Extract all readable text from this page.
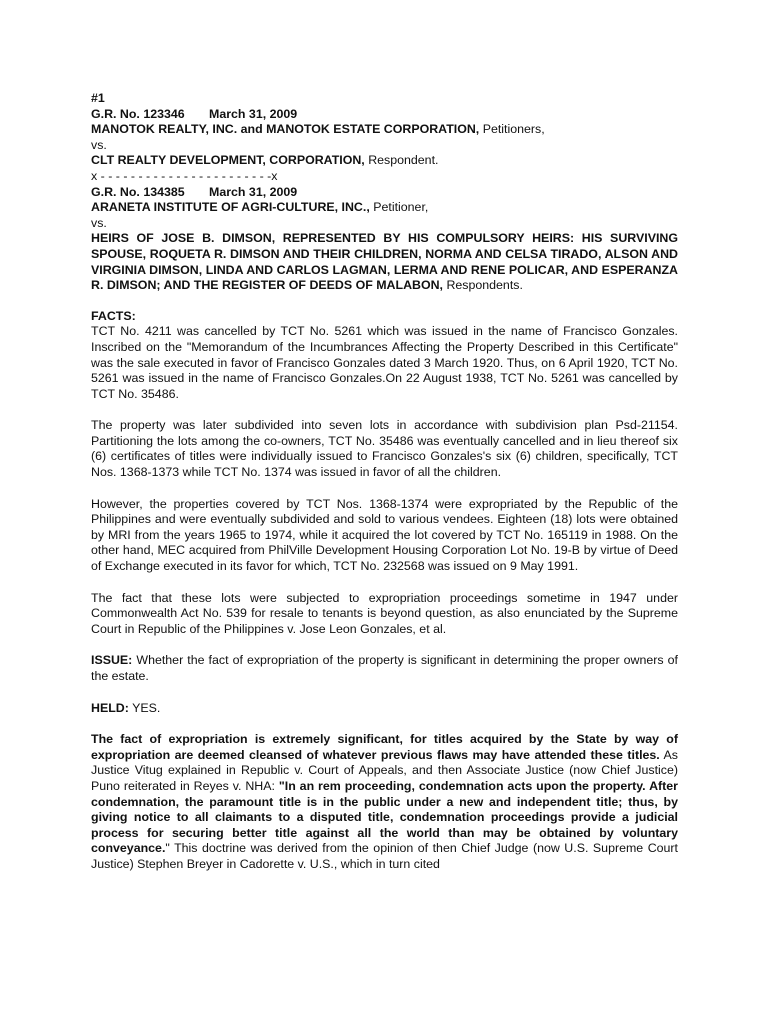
#1

G.R. No. 123346 March 31, 2009

MANOTOK REALTY, INC. and MANOTOK ESTATE CORPORATION, Petitioners,

vs.

CLT REALTY DEVELOPMENT, CORPORATION, Respondent.

x - - - - - - - - - - - - - - - - - - - - - - -x

G.R. No. 134385 March 31, 2009

ARANETA INSTITUTE OF AGRI-CULTURE, INC., Petitioner,

vs.

HEIRS OF JOSE B. DIMSON, REPRESENTED BY HIS COMPULSORY HEIRS: HIS SURVIVING SPOUSE, ROQUETA R. DIMSON AND THEIR CHILDREN, NORMA AND CELSA TIRADO, ALSON AND VIRGINIA DIMSON, LINDA AND CARLOS LAGMAN, LERMA AND RENE POLICAR, AND ESPERANZA R. DIMSON; AND THE REGISTER OF DEEDS OF MALABON, Respondents.

FACTS:

TCT No. 4211 was cancelled by TCT No. 5261 which was issued in the name of Francisco Gonzales. Inscribed on the "Memorandum of the Incumbrances Affecting the Property Described in this Certificate" was the sale executed in favor of Francisco Gonzales dated 3 March 1920. Thus, on 6 April 1920, TCT No. 5261 was issued in the name of Francisco Gonzales.On 22 August 1938, TCT No. 5261 was cancelled by TCT No. 35486.

The property was later subdivided into seven lots in accordance with subdivision plan Psd-21154. Partitioning the lots among the co-owners, TCT No. 35486 was eventually cancelled and in lieu thereof six (6) certificates of titles were individually issued to Francisco Gonzales's six (6) children, specifically, TCT Nos. 1368-1373 while TCT No. 1374 was issued in favor of all the children.

However, the properties covered by TCT Nos. 1368-1374 were expropriated by the Republic of the Philippines and were eventually subdivided and sold to various vendees. Eighteen (18) lots were obtained by MRI from the years 1965 to 1974, while it acquired the lot covered by TCT No. 165119 in 1988. On the other hand, MEC acquired from PhilVille Development Housing Corporation Lot No. 19-B by virtue of Deed of Exchange executed in its favor for which, TCT No. 232568 was issued on 9 May 1991.

The fact that these lots were subjected to expropriation proceedings sometime in 1947 under Commonwealth Act No. 539 for resale to tenants is beyond question, as also enunciated by the Supreme Court in Republic of the Philippines v. Jose Leon Gonzales, et al.

ISSUE: Whether the fact of expropriation of the property is significant in determining the proper owners of the estate.

HELD: YES.

The fact of expropriation is extremely significant, for titles acquired by the State by way of expropriation are deemed cleansed of whatever previous flaws may have attended these titles. As Justice Vitug explained in Republic v. Court of Appeals, and then Associate Justice (now Chief Justice) Puno reiterated in Reyes v. NHA: "In an rem proceeding, condemnation acts upon the property. After condemnation, the paramount title is in the public under a new and independent title; thus, by giving notice to all claimants to a disputed title, condemnation proceedings provide a judicial process for securing better title against all the world than may be obtained by voluntary conveyance." This doctrine was derived from the opinion of then Chief Judge (now U.S. Supreme Court Justice) Stephen Breyer in Cadorette v. U.S., which in turn cited
